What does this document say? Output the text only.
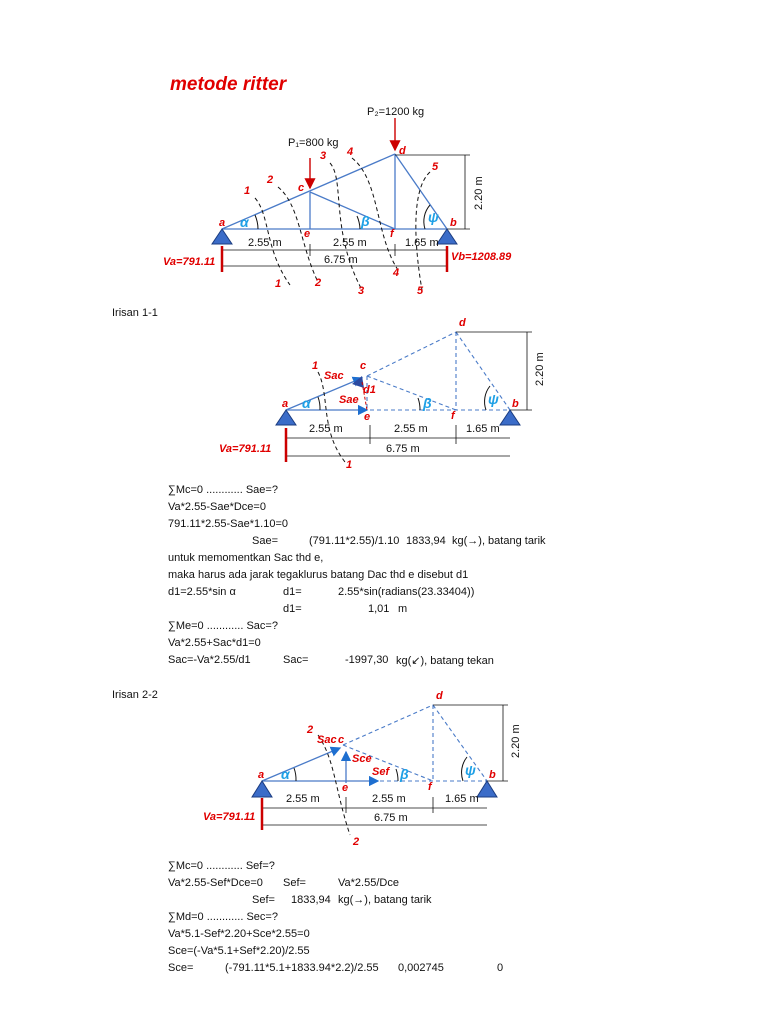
metode ritter
P₁=800 kg
P₂=1200 kg
a	b
c
d
e	f
α	β	ψ
2.55 m	2.55 m	1.65 m
6.75 m
2.20 m
Va=791.11	Vb=1208.89
1
2
3 4
5
1	2
3
4
5
1
1
Sac
Sae
d1
c
a
e	f
b
d
α	β	ψ
2.55 m	2.55 m	1.65 m
6.75 m
2.20 m
Va=791.11
2
2
Sac c
Sce
Sef
a
e	f
b
d
α	β	ψ
2.55 m	2.55 m	1.65 m
6.75 m
2.20 m
Va=791.11
Irisan 1-1
∑Mc=0 ............ Sae=?
Va*2.55-Sae*Dce=0
791.11*2.55-Sae*1.10=0
Sae=	(791.11*2.55)/1.10 1833,94 kg(→), batang tarik
untuk memomentkan Sac thd e,
maka harus ada jarak tegaklurus batang Dac thd e disebut d1
d1=2.55*sin α	d1=	2.55*sin(radians(23.33404))
d1=	1,01 m
∑Me=0 ............ Sac=?
Va*2.55+Sac*d1=0
Sac=-Va*2.55/d1	Sac=	-1997,30 kg(↙), batang tekan
Irisan 2-2
∑Mc=0 ............ Sef=?
Va*2.55-Sef*Dce=0 Sef=	Va*2.55/Dce
Sef= 1833,94 kg(→), batang tarik
∑Md=0 ............ Sec=?
Va*5.1-Sef*2.20+Sce*2.55=0
Sce=(-Va*5.1+Sef*2.20)/2.55
Sce=	(-791.11*5.1+1833.94*2.2)/2.55 0,002745	0
